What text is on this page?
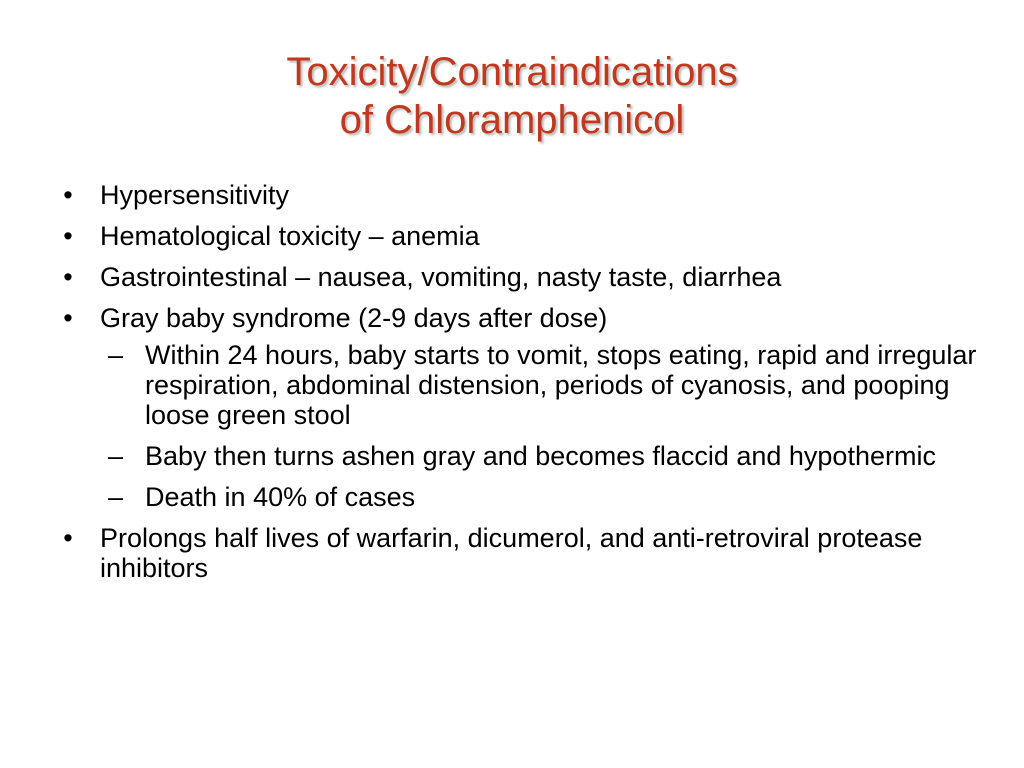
Toxicity/Contraindications
of Chloramphenicol
• Hypersensitivity
• Hematological toxicity – anemia
• Gastrointestinal – nausea, vomiting, nasty taste, diarrhea
• Gray baby syndrome (2-9 days after dose)
– Within 24 hours, baby starts to vomit, stops eating, rapid and irregular respiration, abdominal distension, periods of cyanosis, and pooping loose green stool
– Baby then turns ashen gray and becomes flaccid and hypothermic
– Death in 40% of cases
• Prolongs half lives of warfarin, dicumerol, and anti-retroviral protease inhibitors
